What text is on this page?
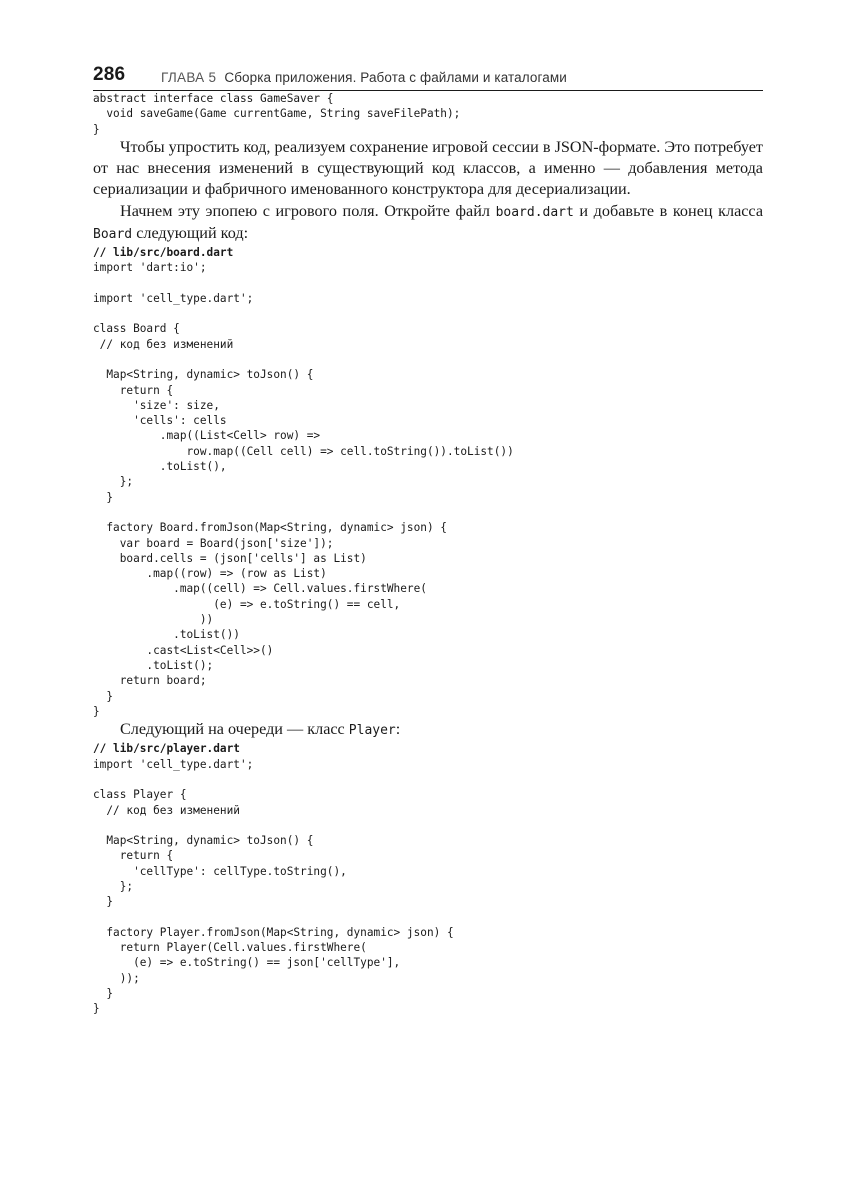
286	ГЛАВА 5 Сборка приложения. Работа с файлами и каталогами
abstract interface class GameSaver {
void saveGame(Game currentGame, String saveFilePath);
}

Чтобы упростить код, реализуем сохранение игровой сессии в JSON-формате. Это потребует от нас внесения изменений в существующий код классов, а именно — добавления метода сериализации и фабричного именованного конструктора для десериализации.

Начнем эту эпопею с игрового поля. Откройте файл board.dart и добавьте в конец класса Board следующий код:

// lib/src/board.dart
import 'dart:io';

import 'cell_type.dart';

class Board {
// код без изменений

Map<String, dynamic> toJson() {
return {
'size': size,
'cells': cells
.map((List<Cell> row) =>
row.map((Cell cell) => cell.toString()).toList())
.toList(),
};
}

factory Board.fromJson(Map<String, dynamic> json) {
var board = Board(json['size']);
board.cells = (json['cells'] as List)
.map((row) => (row as List)
.map((cell) => Cell.values.firstWhere(
(e) => e.toString() == cell,
))
.toList())
.cast<List<Cell>>()
.toList();
return board;
}
}

Следующий на очереди — класс Player:

// lib/src/player.dart
import 'cell_type.dart';

class Player {
// код без изменений

Map<String, dynamic> toJson() {
return {
'cellType': cellType.toString(),
};
}

factory Player.fromJson(Map<String, dynamic> json) {
return Player(Cell.values.firstWhere(
(e) => e.toString() == json['cellType'],
));
}
}
